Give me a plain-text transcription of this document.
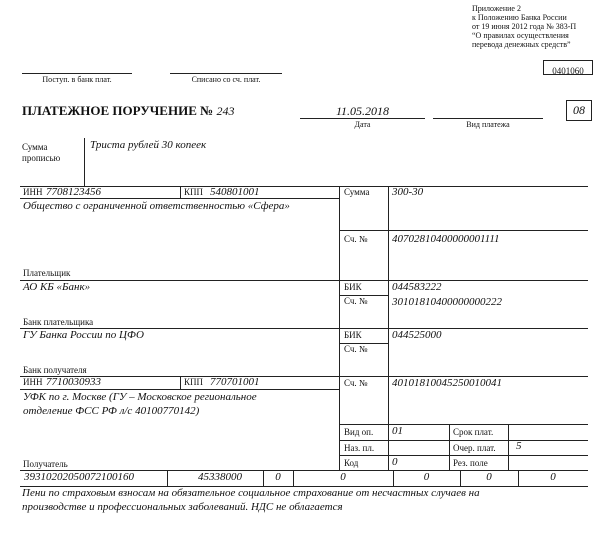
Приложение 2
к Положению Банка России
от 19 июня 2012 года № 383-П
“О правилах осуществления
перевода денежных средств”
0401060
Поступ. в банк плат.	Списано со сч. плат.
ПЛАТЕЖНОЕ ПОРУЧЕНИЕ № 243	11.05.2018
Дата	Вид платежа
08
Сумма
прописью
Триста рублей 30 копеек
ИНН 7708123456	КПП 540801001
Общество с ограниченной ответственностью «Сфера»
Плательщик
Сумма 300-30
Сч. № 40702810400000001111
АО КБ «Банк»
Банк плательщика
БИК	044583222
Сч. № 30101810400000000222
ГУ Банка России по ЦФО
Банк получателя
БИК	044525000
Сч. №
ИНН 7710030933	КПП 770701001
УФК по г. Москве (ГУ – Московское региональное
отделение ФСС РФ л/с 40100770142)
Получатель
Сч. № 40101810045250010041
Вид оп. 01
Наз. пл.
Код	0
Срок плат.
Очер. плат. 5
Рез. поле
39310202050072100160	45338000	0	0	0	0	0
Пени по страховым взносам на обязательное социальное страхование от несчастных случаев на
производстве и профессиональных заболеваний. НДС не облагается
